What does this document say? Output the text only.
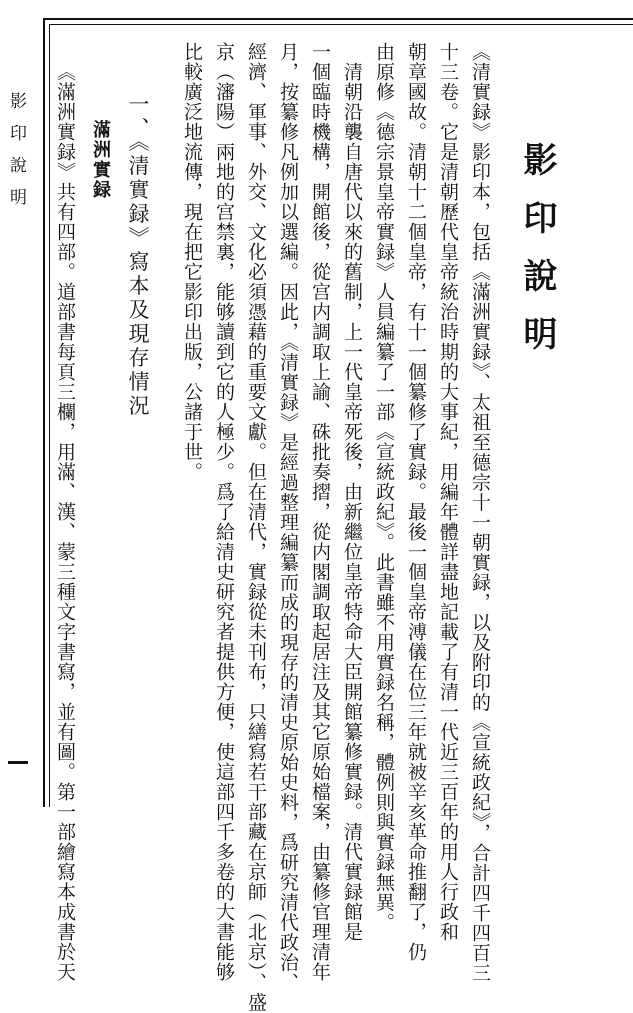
影印說明	影印說明
《清實録》影印本，包括《滿洲實録》、太祖至德宗十一朝實録，以及附印的《宣統政紀》，合計四千四百三
十三卷。它是清朝歷代皇帝統治時期的大事紀，用編年體詳盡地記載了有清一代近三百年的用人行政和
朝章國故。清朝十二個皇帝，有十一個纂修了實録。最後一個皇帝溥儀在位三年就被辛亥革命推翻了，仍
由原修《德宗景皇帝實録》人員編纂了一部《宣統政紀》。此書雖不用實録名稱，體例則與實録無異。
清朝沿襲自唐代以來的舊制，上一代皇帝死後，由新繼位皇帝特命大臣開館纂修實録。清代實録館是
一個臨時機構，開館後，從宫内調取上諭、硃批奏摺，從内閣調取起居注及其它原始檔案，由纂修官理清年
月，按纂修凡例加以選編。因此，《清實録》是經過整理編纂而成的現存的清史原始史料，爲研究清代政治、
經濟、軍事、外交、文化必須憑藉的重要文獻。但在清代，實録從未刊布，只繕寫若干部藏在京師（北京）、盛
京（瀋陽）兩地的宫禁裏，能够讀到它的人極少。爲了給清史研究者提供方便，使這部四千多卷的大書能够
比較廣泛地流傳，現在把它影印出版，公諸于世。
一、《清實録》寫本及現存情況
滿洲實録
《滿洲實録》共有四部。道部書每頁三欄，用滿、漢、蒙三種文字書寫，並有圖。第一部繪寫本成書於天
